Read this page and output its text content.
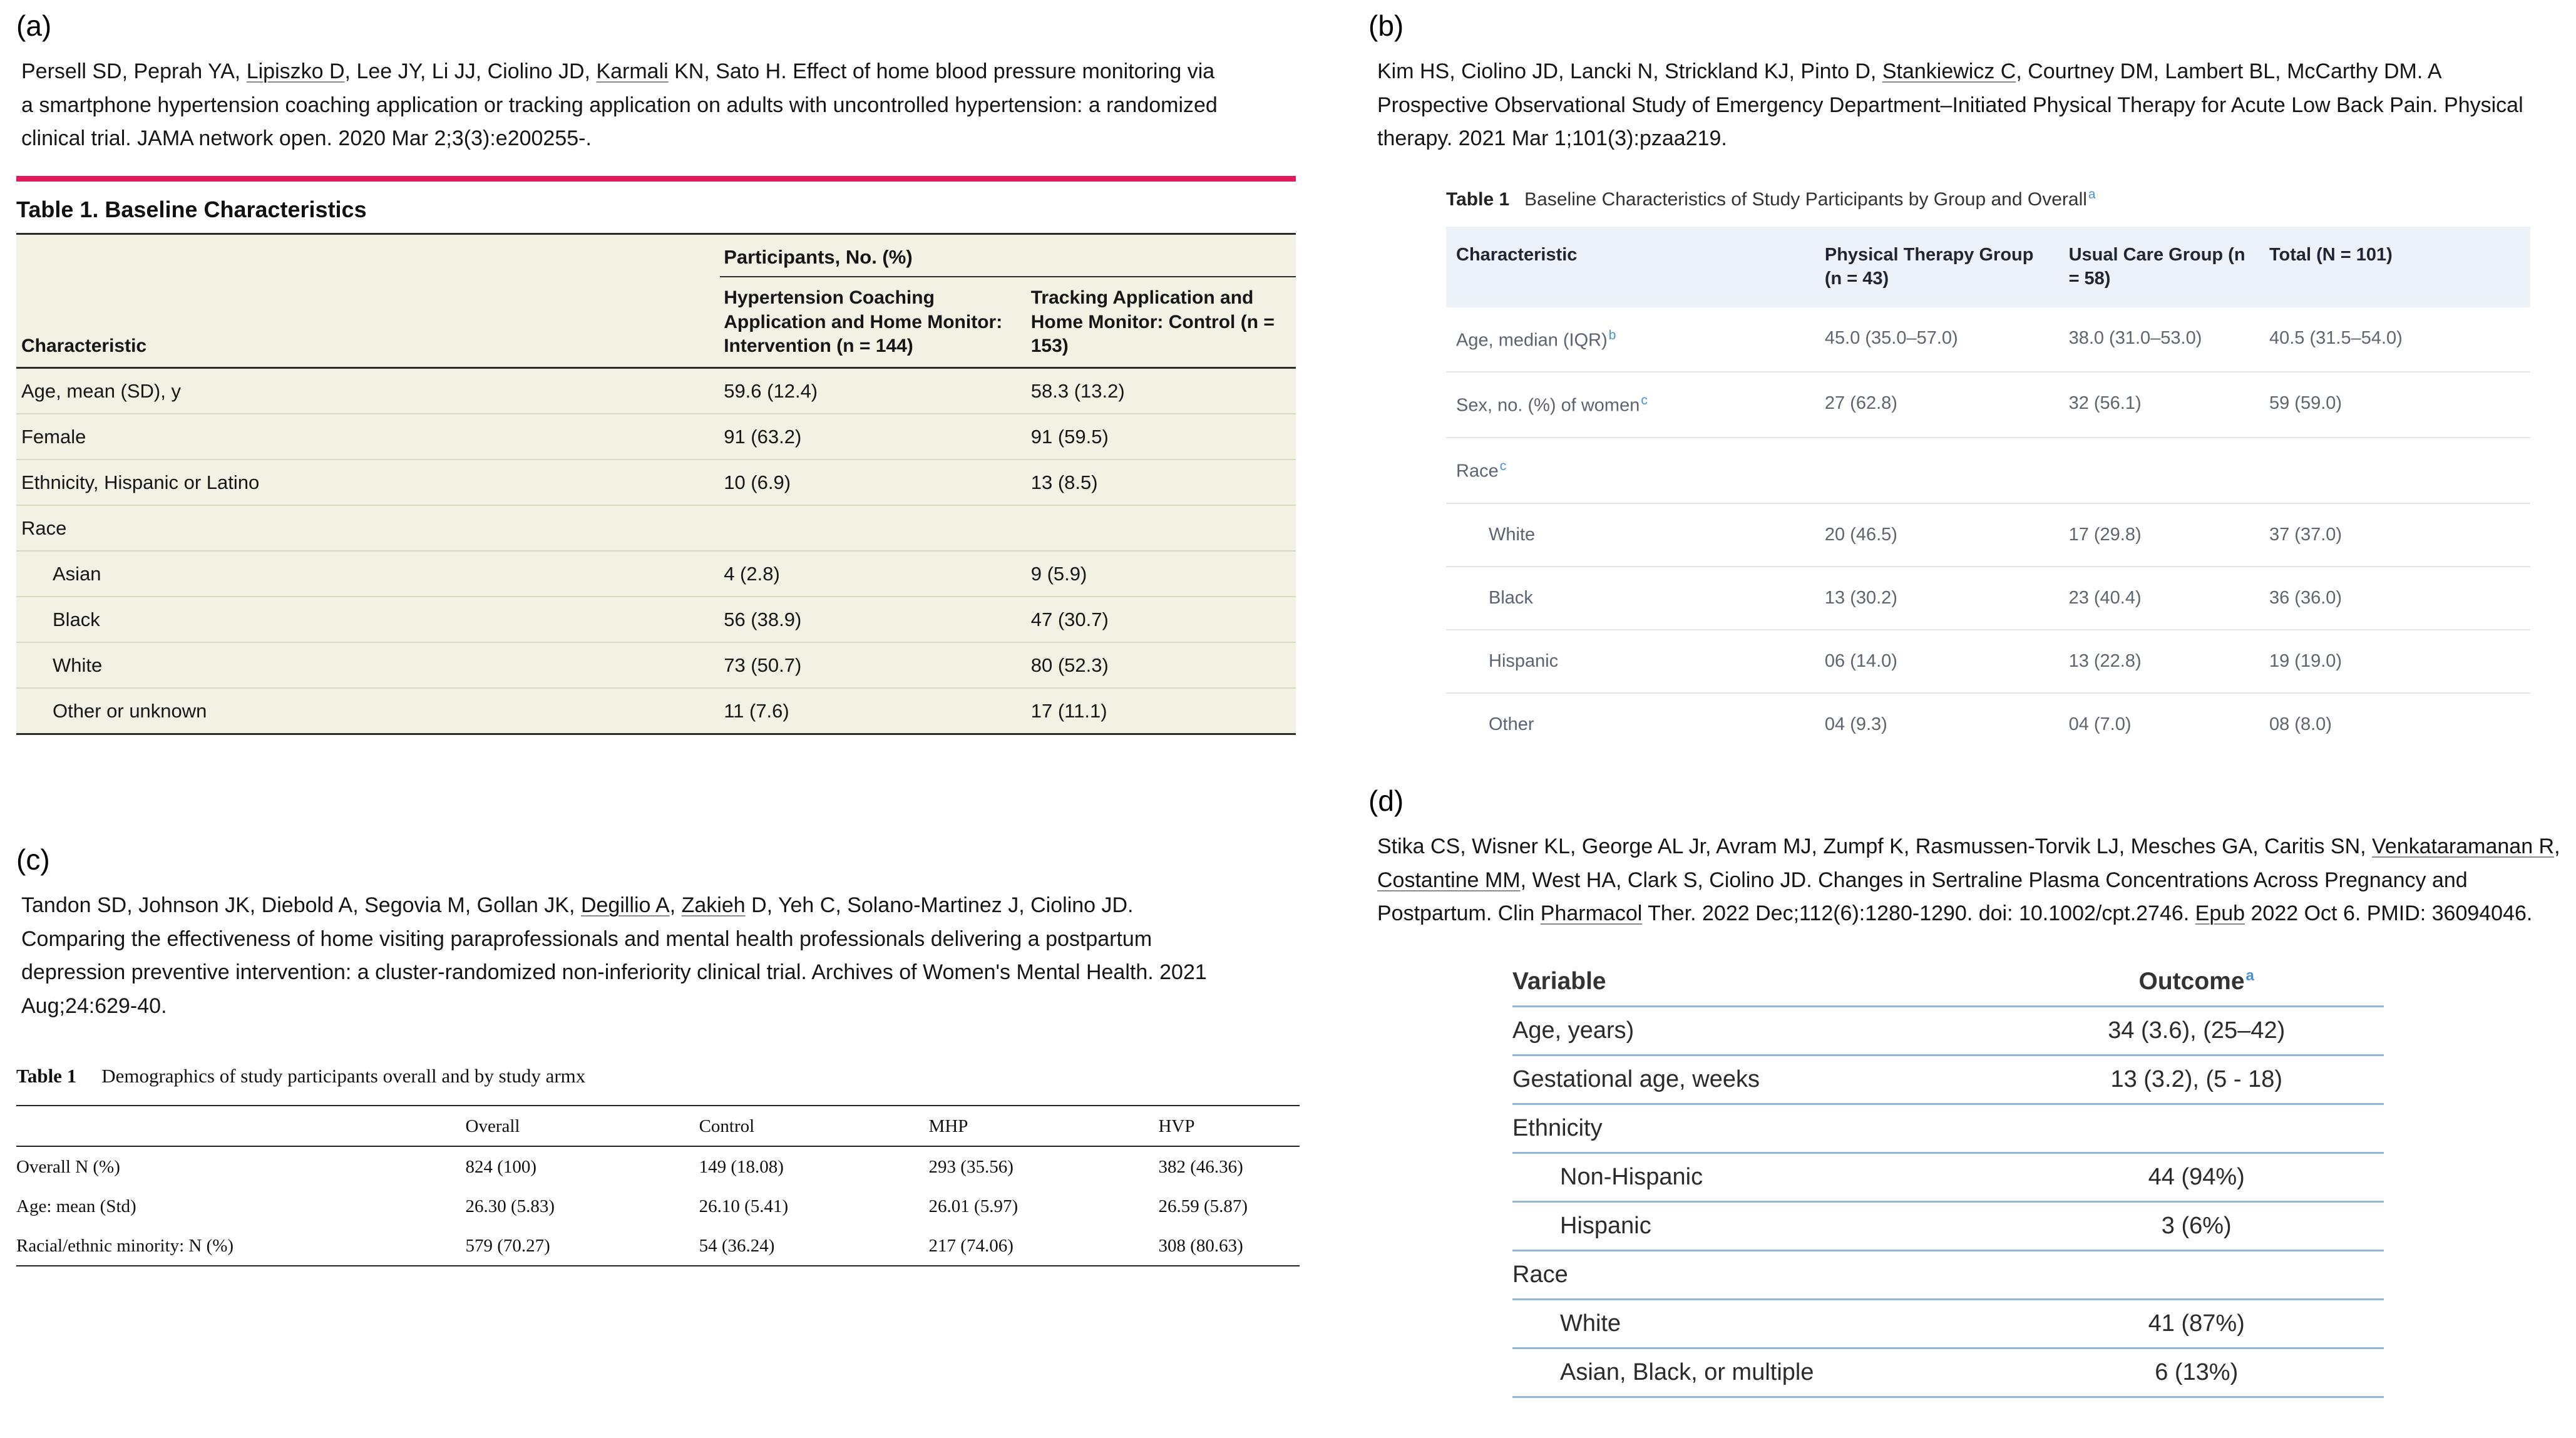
(a)

Persell SD, Peprah YA, Lipiszko D, Lee JY, Li JJ, Ciolino JD, Karmali KN, Sato H. Effect of home blood pressure monitoring via a smartphone hypertension coaching application or tracking application on adults with uncontrolled hypertension: a randomized clinical trial. JAMA network open. 2020 Mar 2;3(3):e200255-.

Table 1. Baseline Characteristics
	Participants, No. (%)	
Characteristic	Hypertension Coaching Application and Home Monitor: Intervention (n = 144)	Tracking Application and Home Monitor: Control (n = 153)
Age, mean (SD), y	59.6 (12.4)	58.3 (13.2)
Female	91 (63.2)	91 (59.5)
Ethnicity, Hispanic or Latino	10 (6.9)	13 (8.5)
Race		
Asian	4 (2.8)	9 (5.9)
Black	56 (38.9)	47 (30.7)
White	73 (50.7)	80 (52.3)
Other or unknown	11 (7.6)	17 (11.1)
(b)

Kim HS, Ciolino JD, Lancki N, Strickland KJ, Pinto D, Stankiewicz C, Courtney DM, Lambert BL, McCarthy DM. A Prospective Observational Study of Emergency Department–Initiated Physical Therapy for Acute Low Back Pain. Physical therapy. 2021 Mar 1;101(3):pzaa219.

Table 1 Baseline Characteristics of Study Participants by Group and Overall$^a$
Characteristic	Physical Therapy Group (n = 43)	Usual Care Group (n = 58)	Total (N = 101)
Age, median (IQR)$^b$	45.0 (35.0–57.0)	38.0 (31.0–53.0)	40.5 (31.5–54.0)
Sex, no. (%) of women$^c$	27 (62.8)	32 (56.1)	59 (59.0)
Race$^c$			
White	20 (46.5)	17 (29.8)	37 (37.0)
Black	13 (30.2)	23 (40.4)	36 (36.0)
Hispanic	06 (14.0)	13 (22.8)	19 (19.0)
Other	04 (9.3)	04 (7.0)	08 (8.0)
(c)

Tandon SD, Johnson JK, Diebold A, Segovia M, Gollan JK, Degillio A, Zakieh D, Yeh C, Solano-Martinez J, Ciolino JD. Comparing the effectiveness of home visiting paraprofessionals and mental health professionals delivering a postpartum depression preventive intervention: a cluster-randomized non-inferiority clinical trial. Archives of Women's Mental Health. 2021 Aug;24:629-40.

Table 1 Demographics of study participants overall and by study armx
	Overall	Control	MHP	HVP
Overall N (%)	824 (100)	149 (18.08)	293 (35.56)	382 (46.36)
Age: mean (Std)	26.30 (5.83)	26.10 (5.41)	26.01 (5.97)	26.59 (5.87)
Racial/ethnic minority: N (%)	579 (70.27)	54 (36.24)	217 (74.06)	308 (80.63)
(d)

Stika CS, Wisner KL, George AL Jr, Avram MJ, Zumpf K, Rasmussen-Torvik LJ, Mesches GA, Caritis SN, Venkataramanan R, Costantine MM, West HA, Clark S, Ciolino JD. Changes in Sertraline Plasma Concentrations Across Pregnancy and Postpartum. Clin Pharmacol Ther. 2022 Dec;112(6):1280-1290. doi: 10.1002/cpt.2746. Epub 2022 Oct 6. PMID: 36094046.

Variable	Outcome$^a$
Age, years)	34 (3.6), (25–42)
Gestational age, weeks	13 (3.2), (5 - 18)
Ethnicity	
Non-Hispanic	44 (94%)
Hispanic	3 (6%)
Race	
White	41 (87%)
Asian, Black, or multiple	6 (13%)
